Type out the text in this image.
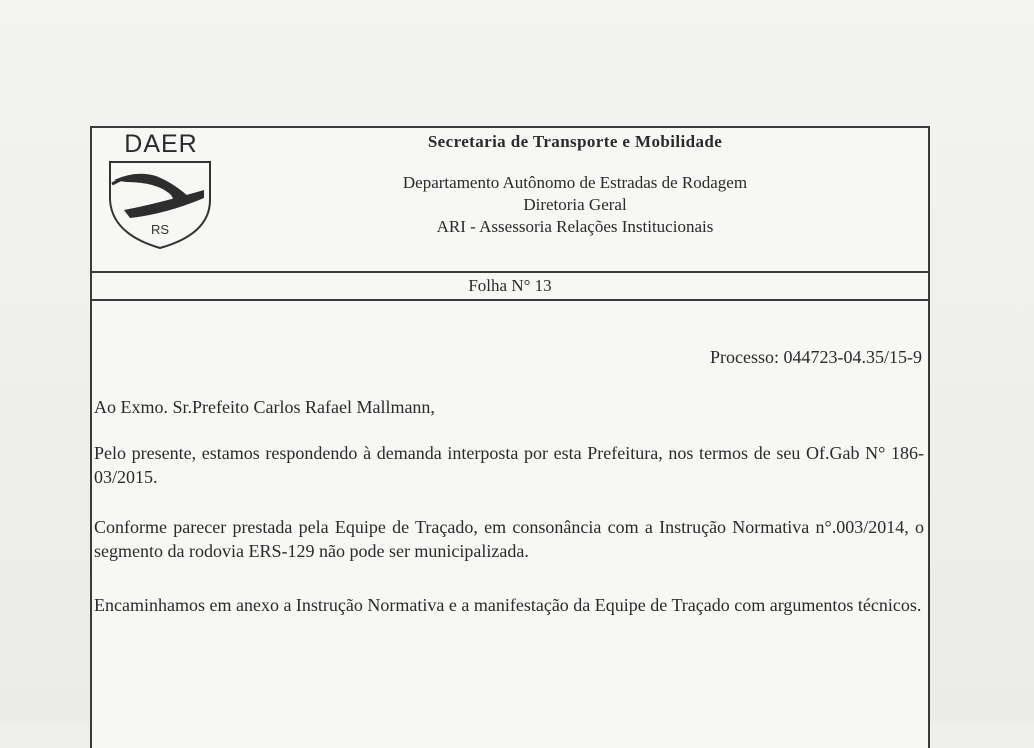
DAER
RS
Secretaria de Transporte e Mobilidade
Departamento Autônomo de Estradas de Rodagem
Diretoria Geral
ARI - Assessoria Relações Institucionais
Folha N° 13
Processo: 044723-04.35/15-9
Ao Exmo. Sr.Prefeito Carlos Rafael Mallmann,
Pelo presente, estamos respondendo à demanda interposta por esta Prefeitura, nos termos de seu Of.Gab N° 186-03/2015.
Conforme parecer prestada pela Equipe de Traçado, em consonância com a Instrução Normativa n°.003/2014, o segmento da rodovia ERS-129 não pode ser municipalizada.
Encaminhamos em anexo a Instrução Normativa e a manifestação da Equipe de Traçado com argumentos técnicos.
